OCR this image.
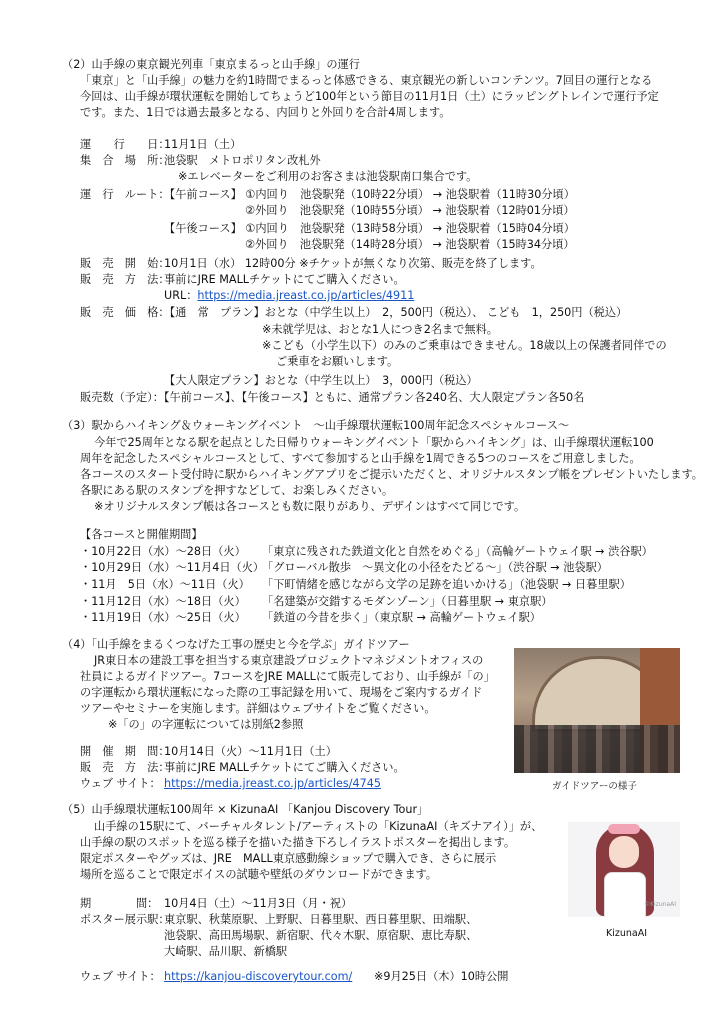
（2）山手線の東京観光列車「東京まるっと山手線」の運行
「東京」と「山手線」の魅力を約1時間でまるっと体感できる、東京観光の新しいコンテンツ。7回目の運行となる
今回は、山手線が環状運転を開始してちょうど100年という節目の11月1日（土）にラッピングトレインで運行予定
です。また、1日では過去最多となる、内回りと外回りを合計4周します。
運　　行　　日：
11月1日（土）
集　合　場　所：
池袋駅　メトロポリタン改札外
※エレベーターをご利用のお客さまは池袋駅南口集合です。
運　行　ルート：
【午前コース】 ①内回り　池袋駅発（10時22分頃） → 池袋駅着（11時30分頃）
②外回り　池袋駅発（10時55分頃） → 池袋駅着（12時01分頃）
【午後コース】 ①内回り　池袋駅発（13時58分頃） → 池袋駅着（15時04分頃）
②外回り　池袋駅発（14時28分頃） → 池袋駅着（15時34分頃）
販　売　開　始：
10月1日（水） 12時00分 ※チケットが無くなり次第、販売を終了します。
販　売　方　法：
事前にJRE MALLチケットにてご購入ください。
URL：https://media.jreast.co.jp/articles/4911
販　売　価　格：
【通　常　プラン】おとな（中学生以上）　2，500円（税込）、 こども　1，250円（税込）
※未就学児は、おとな1人につき2名まで無料。
※こども（小学生以下）のみのご乗車はできません。18歳以上の保護者同伴での
ご乗車をお願いします。
【大人限定プラン】おとな（中学生以上）　3，000円（税込）
販売数（予定）：【午前コース】、【午後コース】ともに、通常プラン各240名、大人限定プラン各50名
（3）駅からハイキング＆ウォーキングイベント　～山手線環状運転100周年記念スペシャルコース～
今年で25周年となる駅を起点とした日帰りウォーキングイベント「駅からハイキング」は、山手線環状運転100
周年を記念したスペシャルコースとして、すべて参加すると山手線を1周できる5つのコースをご用意しました。
各コースのスタート受付時に駅からハイキングアプリをご提示いただくと、オリジナルスタンプ帳をプレゼントいたします。
各駅にある駅のスタンプを押すなどして、お楽しみください。
※オリジナルスタンプ帳は各コースとも数に限りがあり、デザインはすべて同じです。
【各コースと開催期間】
・10月22日（水）～28日（火） 「東京に残された鉄道文化と自然をめぐる」（高輪ゲートウェイ駅 → 渋谷駅）
・10月29日（水）～11月4日（火）
「グローバル散歩　～異文化の小径をたどる～」（渋谷駅 → 池袋駅）
・11月　5日（水）～11日（火） 「下町情緒を感じながら文学の足跡を追いかける」（池袋駅 → 日暮里駅）
・11月12日（水）～18日（火） 「名建築が交錯するモダンゾーン」（日暮里駅 → 東京駅）
・11月19日（水）～25日（火） 「鉄道の今昔を歩く」（東京駅 → 高輪ゲートウェイ駅）
（4）「山手線をまるくつなげた工事の歴史と今を学ぶ」ガイドツアー
JR東日本の建設工事を担当する東京建設プロジェクトマネジメントオフィスの
社員によるガイドツアー。7コースをJRE MALLにて販売しており、山手線が「の」
の字運転から環状運転になった際の工事記録を用いて、現場をご案内するガイド
ツアーやセミナーを実施します。詳細はウェブサイトをご覧ください。
※「の」の字運転については別紙2参照
開　催　期　間：
10月14日（火）～11月1日（土）
販　売　方　法：
事前にJRE MALLチケットにてご購入ください。
ウェブ サイト： https://media.jreast.co.jp/articles/4745	ガイドツアーの様子
（5）山手線環状運転100周年 × KizunaAI 「Kanjou Discovery Tour」
山手線の15駅にて、バーチャルタレント/アーティストの「KizunaAI（キズナアイ）」が、
山手線の駅のスポットを巡る様子を描いた描き下ろしイラストポスターを掲出します。
限定ポスターやグッズは、JRE　MALL東京感動線ショップで購入でき、さらに展示
場所を巡ることで限定ボイスの試聴や壁紙のダウンロードができます。
期　　　　間： 10月4日（土）～11月3日（月・祝）
ポスター展示駅：
東京駅、秋葉原駅、上野駅、日暮里駅、西日暮里駅、田端駅、
池袋駅、高田馬場駅、新宿駅、代々木駅、原宿駅、恵比寿駅、
大崎駅、品川駅、新橋駅
ウェブ サイト： https://kanjou-discoverytour.com/ ※9月25日（木）10時公開
©KizunaAI
KizunaAI
